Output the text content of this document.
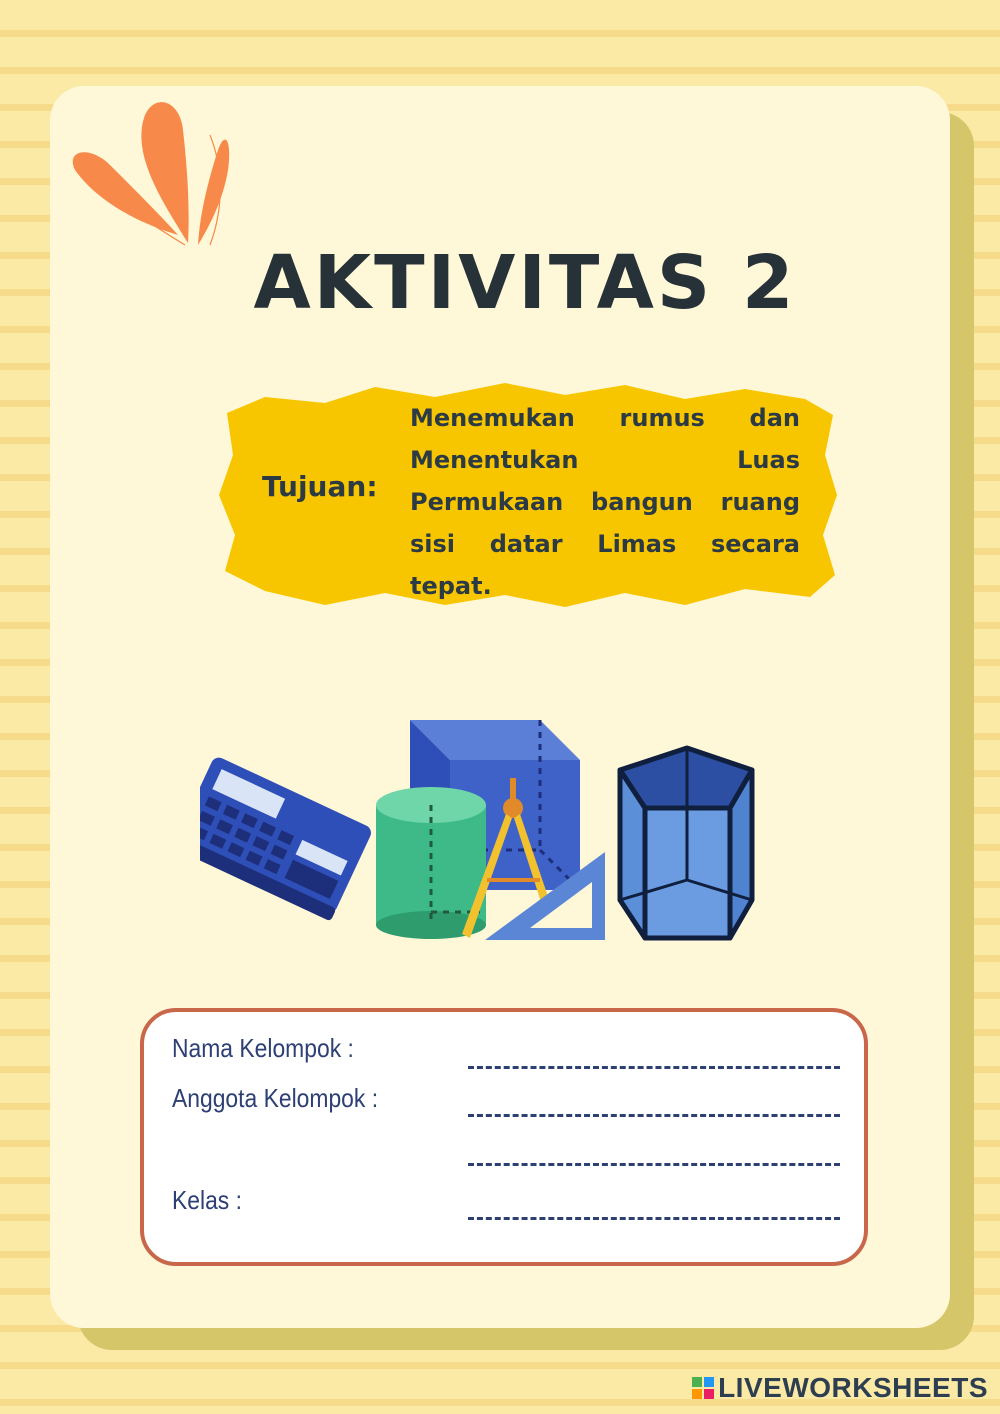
AKTIVITAS 2
Tujuan:
Menemukan rumus dan Menentukan Luas Permukaan bangun ruang sisi datar Limas secara tepat.
Nama Kelompok :
Anggota Kelompok :
Kelas :
LIVEWORKSHEETS
